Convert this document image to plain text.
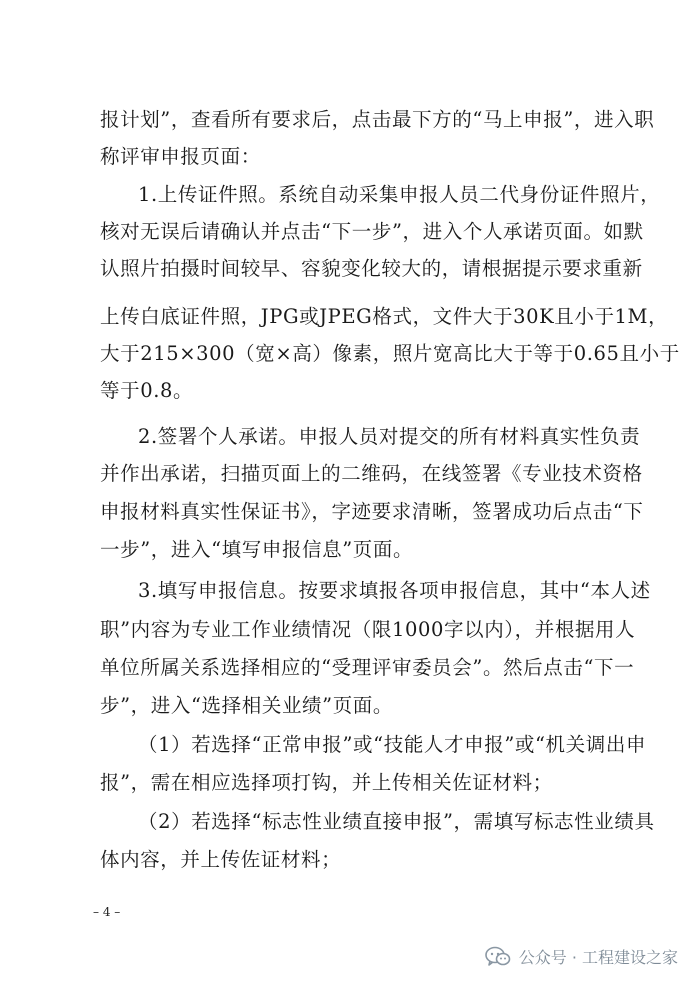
报计划”，查看所有要求后，点击最下方的“马上申报”，进入职
称评审申报页面：
1.上传证件照。系统自动采集申报人员二代身份证件照片，
核对无误后请确认并点击“下一步”，进入个人承诺页面。如默
认照片拍摄时间较早、容貌变化较大的，请根据提示要求重新
上传白底证件照，JPG或JPEG格式，文件大于30K且小于1M，
大于215×300（宽×高）像素，照片宽高比大于等于0.65且小于
等于0.8。
2.签署个人承诺。申报人员对提交的所有材料真实性负责
并作出承诺，扫描页面上的二维码，在线签署《专业技术资格
申报材料真实性保证书》，字迹要求清晰，签署成功后点击“下
一步”，进入“填写申报信息”页面。
3.填写申报信息。按要求填报各项申报信息，其中“本人述
职”内容为专业工作业绩情况（限1000字以内），并根据用人
单位所属关系选择相应的“受理评审委员会”。然后点击“下一
步”，进入“选择相关业绩”页面。
（1）若选择“正常申报”或“技能人才申报”或“机关调出申
报”，需在相应选择项打钩，并上传相关佐证材料；
（2）若选择“标志性业绩直接申报”，需填写标志性业绩具
体内容，并上传佐证材料；
– 4 –
公众号 · 工程建设之家
